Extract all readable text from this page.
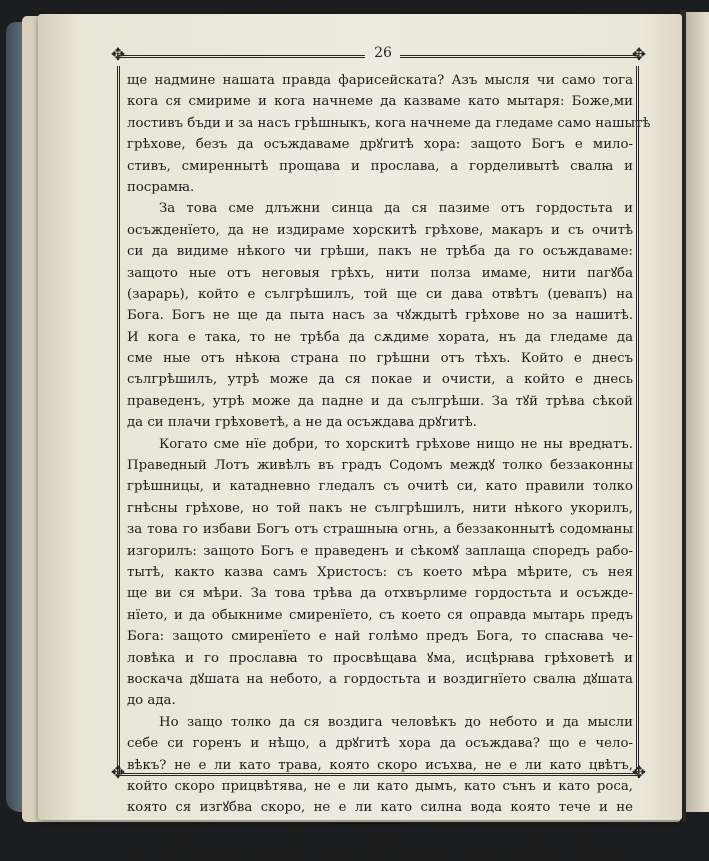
✥	✥
✥	✥
26
ще надмине нашата правда фарисейската? Азъ мысля чи само тога
кога ся смириме и кога начнеме да казваме като мытаря: Боже,ми
лостивъ бъди и за насъ грѣшныкъ, кога начнеме да гледаме само нашытѣ
грѣхове, безъ да осъждаваме дрꙋгитѣ хора: защото Богъ е мило-
стивъ, смиреннытѣ прощава и прослава, а горделивытѣ свалꙗ и
посрамꙗ.
За това сме длъжни синца да ся пазиме отъ гордостьта и
осъжденїето, да не издираме хорскитѣ грѣхове, макаръ и съ очитѣ
си да видиме нѣкого чи грѣши, пакъ не трѣба да го осъждаваме:
защото ныe отъ неговыя грѣхъ, нити полза имаме, нити пагꙋба
(зарарь), който е сългрѣшилъ, той ще си дава отвѣтъ (џевапъ) на
Бога. Богъ не ще да пыта насъ за чꙋждытѣ грѣхове но за нашитѣ.
И кога е така, то не трѣба да сѫдиме хората, нъ да гледаме да
сме ныe отъ нѣкоꙗ страна по грѣшни отъ тѣхъ. Който е днесъ
сългрѣшилъ, утрѣ може да ся покае и очисти, а който е днесь
праведенъ, утрѣ може да падне и да сългрѣши. За тꙋй трѣва сѣкой
да си плачи грѣховетѣ, а не да осъждава дрꙋгитѣ.
Когато сме нїе добри, то хорскитѣ грѣхове нищо не ны вредꙗтъ.
Праведный Лотъ живѣлъ въ градъ Содомъ междꙋ толко беззаконны
грѣшницы, и катадневно гледалъ съ очитѣ си, като правили толко
гнѣсны грѣхове, но той пакъ не сългрѣшилъ, нити нѣкого укорилъ,
за това го избави Богъ отъ страшныꙗ огнь, а беззаконнытѣ содомꙗны
изгорилъ: защото Богъ е праведенъ и сѣкомꙋ заплаща споредъ рабо-
тытѣ, както казва самъ Христосъ: съ което мѣра мѣрите, съ нея
ще ви ся мѣри. За това трѣва да отхвърлиме гордостьта и осъжде-
нїето, и да обыкниме смиренїето, съ което ся оправда мытарь предъ
Бога: защото смиренїето е най голѣмо предъ Бога, то спасꙗва чe-
ловѣка и го прославꙗ то просвѣщава ꙋма, исцѣрꙗва грѣховетѣ и
воскача дꙋшата на небото, а гордостьта и воздигнїето свалꙗ дꙋшата
до ада.
Но защо толко да ся воздига человѣкъ до небото и да мысли
себе си горенъ и нѣщо, а дрꙋгитѣ хора да осъждава? що е чело-
вѣкъ? не е ли като трава, която скоро исъхва, не е ли като цвѣтъ,
който скоро прицвѣтява, не е ли като дымъ, като сънъ и като роса,
която ся изгꙋбва скоро, не е ли като силна вода която тече и не
ся връща? не е ли прьсть, смрадъ и гной? воистиннѫ тъй е. И
кога е человѣкъ такъвъ, то нека помысламъ горделивитѣ и лꙋкавитѣ
